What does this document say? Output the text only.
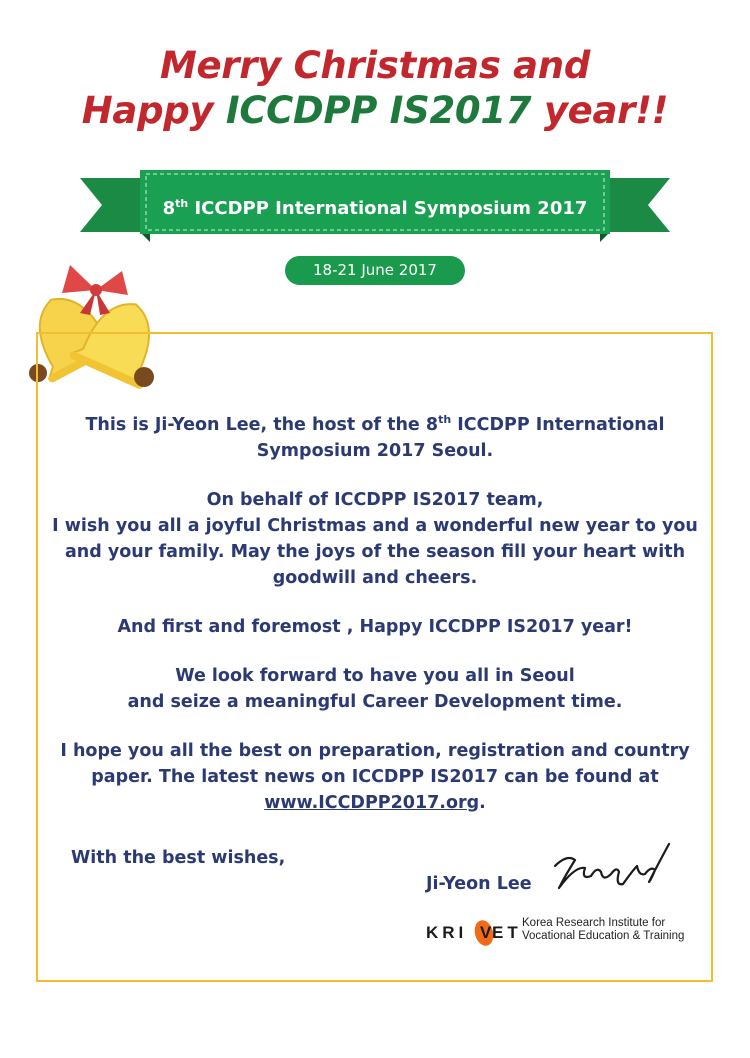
Merry Christmas and
Happy ICCDPP IS2017 year!!
8th ICCDPP International Symposium 2017
18-21 June 2017

This is Ji-Yeon Lee, the host of the 8th ICCDPP International Symposium 2017 Seoul.

On behalf of ICCDPP IS2017 team,
I wish you all a joyful Christmas and a wonderful new year to you and your family. May the joys of the season fill your heart with goodwill and cheers.

And first and foremost , Happy ICCDPP IS2017 year!

We look forward to have you all in Seoul
and seize a meaningful Career Development time.

I hope you all the best on preparation, registration and country paper. The latest news on ICCDPP IS2017 can be found at www.ICCDPP2017.org.

With the best wishes,
Ji-Yeon Lee
KRI V ET Korea Research Institute for
Vocational Education & Training
